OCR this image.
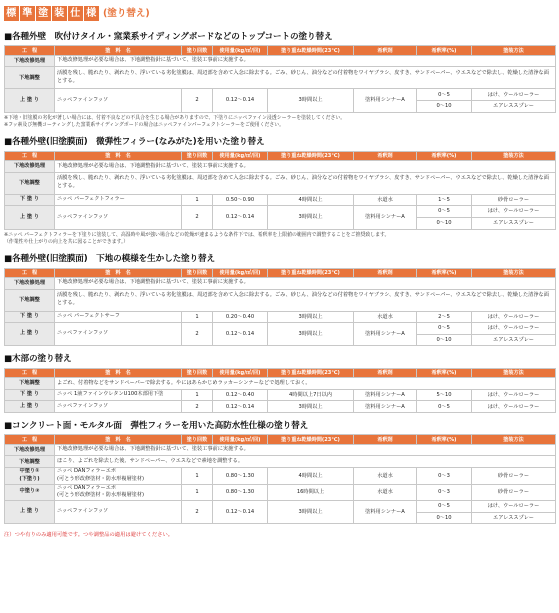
標 準 塗 装 仕 様 (塗り替え)
■各種外壁　吹付けタイル・窯業系サイディングボードなどのトップコートの塗り替え
工　程	塗　料　名	塗り回数	使用量(kg/㎡/回)	塗り重ね乾燥時間(23℃)	希釈剤	希釈率(%)	塗装方法
下地改修処理	下地改修処理が必要な場合は、下地調整指針に基づいて、塗装工事前に実施する。						
下地調整	活膜を残し、脆れたり、剥れたり、浮いている劣化塗膜は、周辺部を含めて入念に除去する。ごみ、砂じん、油分などの付着物をワイヤブラシ、皮すき、サンドペーパー、ウエスなどで除去し、乾燥した清浄な面とする。						
上 塗 り	ニッペファインフッソ	2	0.12〜0.14	3時間以上	塗料用シンナーA	0〜5	はけ、ウールローラー
						0〜10	エアレススプレー
※下地・旧塗膜の劣化が著しい場合には、付着不良などの不具合を生じる場合がありますので、下塗りにニッペファイン浸透シーラーを塗装してください。
※フッ素及び無機コーティングした窯業系サイディングボードの場合はニッペファインパーフェクトシーラーをご使用ください。
■各種外壁(旧塗膜面)　微弾性フィラー(なみがた)を用いた塗り替え
工　程	塗　料　名	塗り回数	使用量(kg/㎡/回)	塗り重ね乾燥時間(23℃)	希釈剤	希釈率(%)	塗装方法
下地改修処理	下地改修処理が必要な場合は、下地調整指針に基づいて、塗装工事前に実施する。						
下地調整	活膜を残し、脆れたり、剥れたり、浮いている劣化塗膜は、周辺部を含めて入念に除去する。ごみ、砂じん、油分などの付着物をワイヤブラシ、皮すき、サンドペーパー、ウエスなどで除去し、乾燥した清浄な面とする。						
下 塗 り	ニッペ パーフェクトフィラー	1	0.50〜0.90	4時間以上	水道水	1〜5	砂骨ローラー
上 塗 り	ニッペファインフッソ	2	0.12〜0.14	3時間以上	塗料用シンナーA	0〜5	はけ、ウールローラー
						0〜10	エアレススプレー
※ニッペ パーフェクトフィラーを下塗りに塗装して、高湿時や風が強い場合などの乾燥が速まるような条件下では、希釈率を上限値の範囲内で調整することをご推奨致します。
（作業性や仕上がりの向上を共に図ることができます。）
■各種外壁(旧塗膜面)　下地の模様を生かした塗り替え
工　程	塗　料　名	塗り回数	使用量(kg/㎡/回)	塗り重ね乾燥時間(23℃)	希釈剤	希釈率(%)	塗装方法
下地改修処理	下地改修処理が必要な場合は、下地調整指針に基づいて、塗装工事前に実施する。						
下地調整	活膜を残し、脆れたり、剥れたり、浮いている劣化塗膜は、周辺部を含めて入念に除去する。ごみ、砂じん、油分などの付着物をワイヤブラシ、皮すき、サンドペーパー、ウエスなどで除去し、乾燥した清浄な面とする。						
下 塗 り	ニッペ パーフェクトサーフ	1	0.20〜0.40	3時間以上	水道水	2〜5	はけ、ウールローラー
上 塗 り	ニッペファインフッソ	2	0.12〜0.14	3時間以上	塗料用シンナーA	0〜5	はけ、ウールローラー
						0〜10	エアレススプレー
■木部の塗り替え
工　程	塗　料　名	塗り回数	使用量(kg/㎡/回)	塗り重ね乾燥時間(23℃)	希釈剤	希釈率(%)	塗装方法
下地調整	よごれ、付着物などをサンドペーパーで除去する。やにはあらかじめラッカーシンナーなどで処理しておく。						
下 塗 り	ニッペ 1液ファインウレタンU100木部用下塗	1	0.12〜0.40	4時間以上7日以内	塗料用シンナーA	5〜10	はけ、ウールローラー
上 塗 り	ニッペファインフッソ	2	0.12〜0.14	3時間以上	塗料用シンナーA	0〜5	はけ、ウールローラー
■コンクリート面・モルタル面　弾性フィラーを用いた高防水性仕様の塗り替え
工　程	塗　料　名	塗り回数	使用量(kg/㎡/回)	塗り重ね乾燥時間(23℃)	希釈剤	希釈率(%)	塗装方法
下地改修処理	下地改修処理が必要な場合は、下地調整指針に基づいて、塗装工事前に実施する。						
下地調整	ほこり、よごれを除去した後、サンドペーパー、ウエスなどで素地を調整する。						
中塗り①
(下塗り)	ニッペ DANフィラーエポ
(可とう形改修塗材・防水形複層塗材)	1	0.80〜1.30	4時間以上	水道水	0〜3	砂骨ローラー
中塗り②	ニッペ DANフィラーエポ
(可とう形改修塗材・防水形複層塗材)	1	0.80〜1.30	16時間以上	水道水	0〜3	砂骨ローラー
上 塗 り	ニッペファインフッソ	2	0.12〜0.14	3時間以上	塗料用シンナーA	0〜5	はけ、ウールローラー
						0〜10	エアレススプレー
注）つや有りのみ適用可能です。つや調整品の適用は避けてください。
